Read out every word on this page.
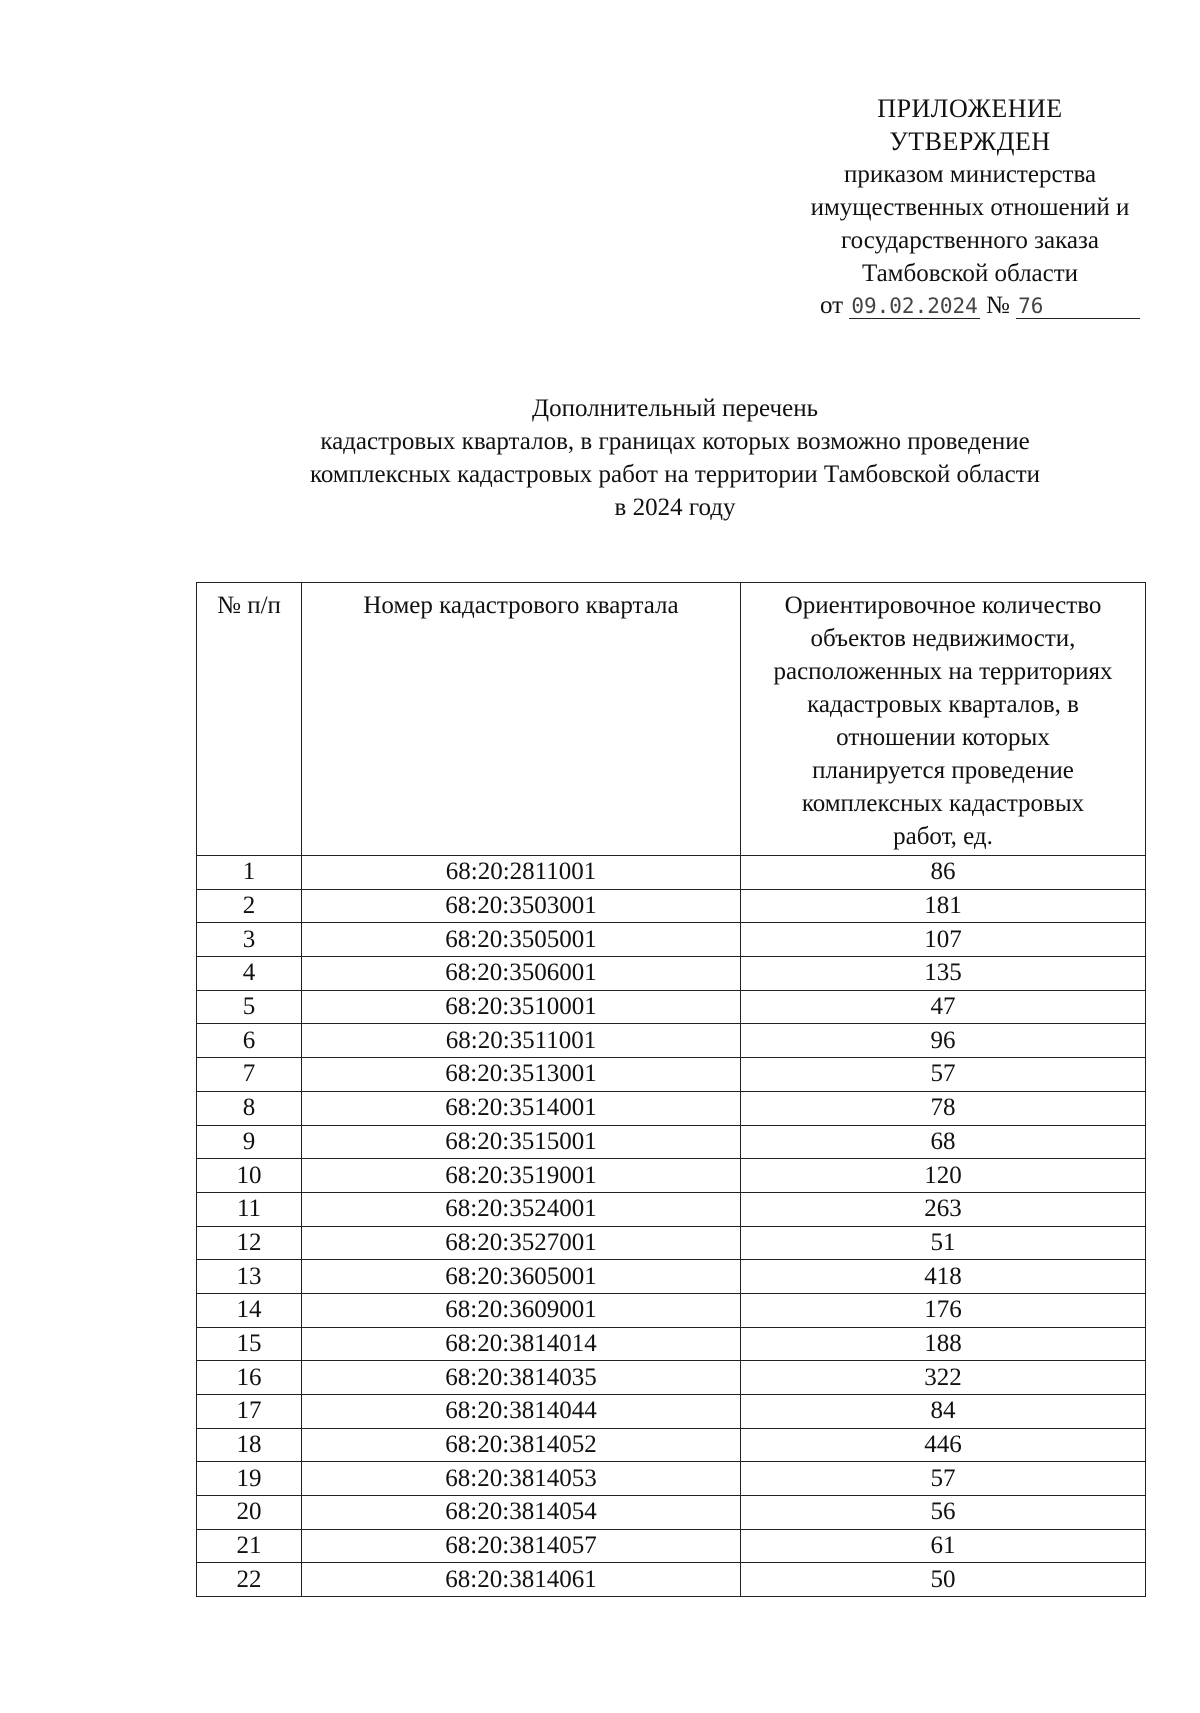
ПРИЛОЖЕНИЕ
УТВЕРЖДЕН
приказом министерства
имущественных отношений и
государственного заказа
Тамбовской области
от 09.02.2024 № 76
Дополнительный перечень
кадастровых кварталов, в границах которых возможно проведение
комплексных кадастровых работ на территории Тамбовской области
в 2024 году
№ п/п	Номер кадастрового квартала	Ориентировочное количество объектов недвижимости, расположенных на территориях кадастровых кварталов, в отношении которых планируется проведение комплексных кадастровых работ, ед.
1	68:20:2811001	86
2	68:20:3503001	181
3	68:20:3505001	107
4	68:20:3506001	135
5	68:20:3510001	47
6	68:20:3511001	96
7	68:20:3513001	57
8	68:20:3514001	78
9	68:20:3515001	68
10	68:20:3519001	120
11	68:20:3524001	263
12	68:20:3527001	51
13	68:20:3605001	418
14	68:20:3609001	176
15	68:20:3814014	188
16	68:20:3814035	322
17	68:20:3814044	84
18	68:20:3814052	446
19	68:20:3814053	57
20	68:20:3814054	56
21	68:20:3814057	61
22	68:20:3814061	50
